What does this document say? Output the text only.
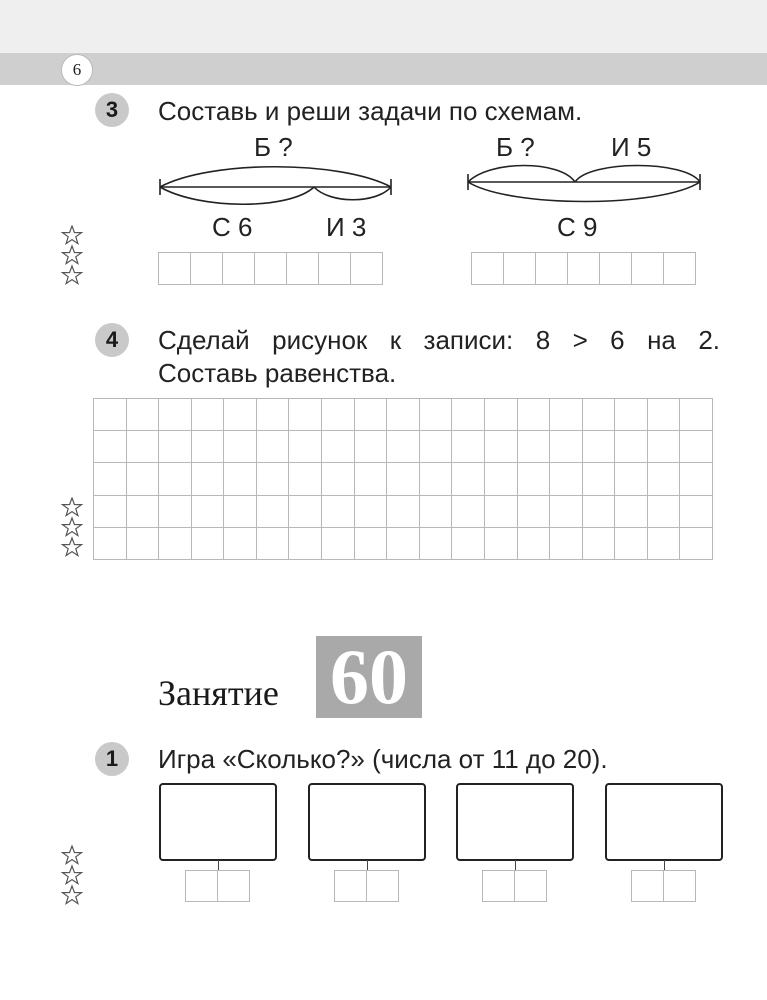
6
3	Составь и реши задачи по схемам.
Б ?
С 6	И 3
Б ?	И 5
С 9
4	Сделай рисунок к записи: 8 > 6 на 2.
Составь равенства.
Занятие 60
1	Игра «Сколько?» (числа от 11 до 20).
